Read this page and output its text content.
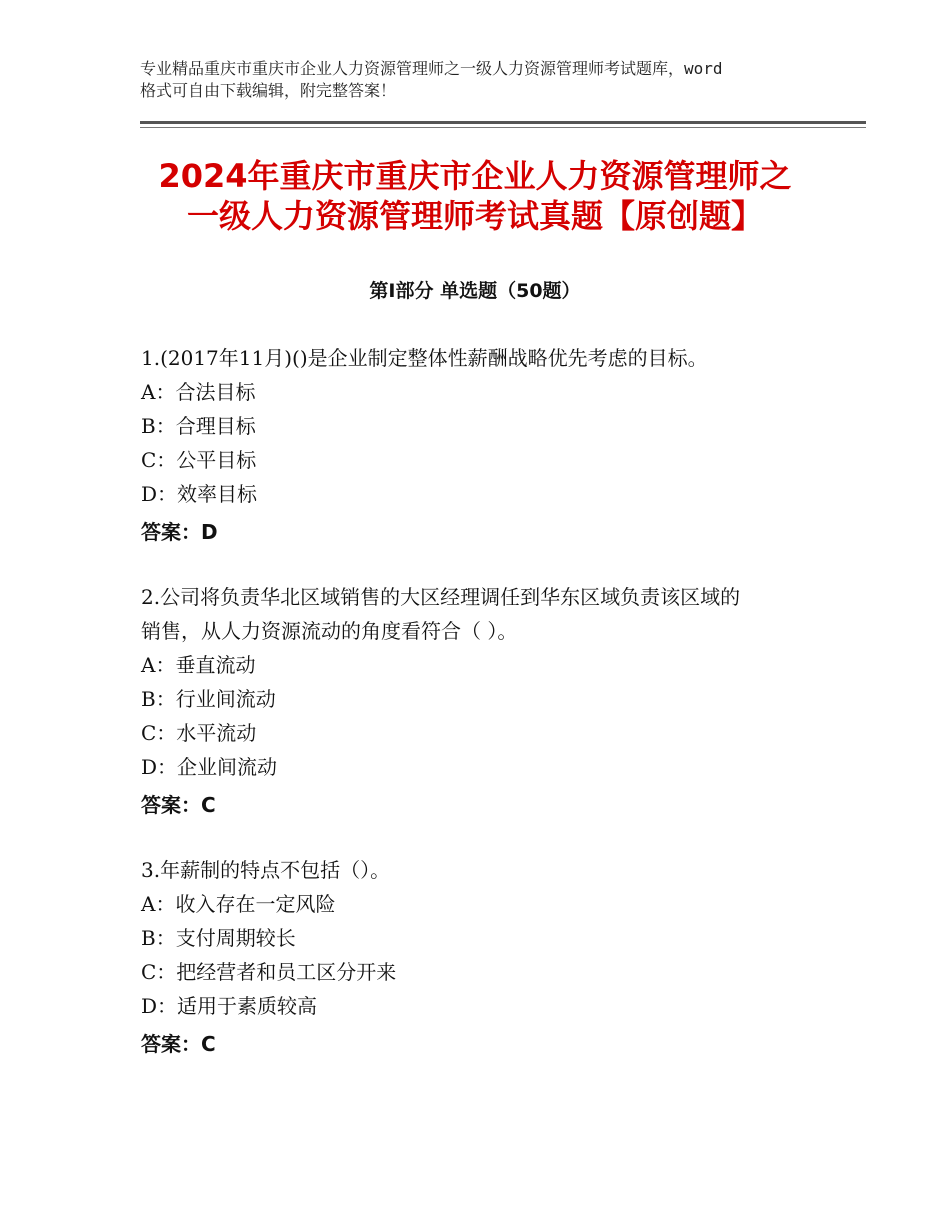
专业精品重庆市重庆市企业人力资源管理师之一级人力资源管理师考试题库，word
格式可自由下载编辑，附完整答案！
2024年重庆市重庆市企业人力资源管理师之
一级人力资源管理师考试真题【原创题】
第Ⅰ部分 单选题（50题）
1.(2017年11月)()是企业制定整体性薪酬战略优先考虑的目标。
A：合法目标
B：合理目标
C：公平目标
D：效率目标
答案：D
2.公司将负责华北区域销售的大区经理调任到华东区域负责该区域的
销售，从人力资源流动的角度看符合（ ）。
A：垂直流动
B：行业间流动
C：水平流动
D：企业间流动
答案：C
3.年薪制的特点不包括（）。
A：收入存在一定风险
B：支付周期较长
C：把经营者和员工区分开来
D：适用于素质较高
答案：C
